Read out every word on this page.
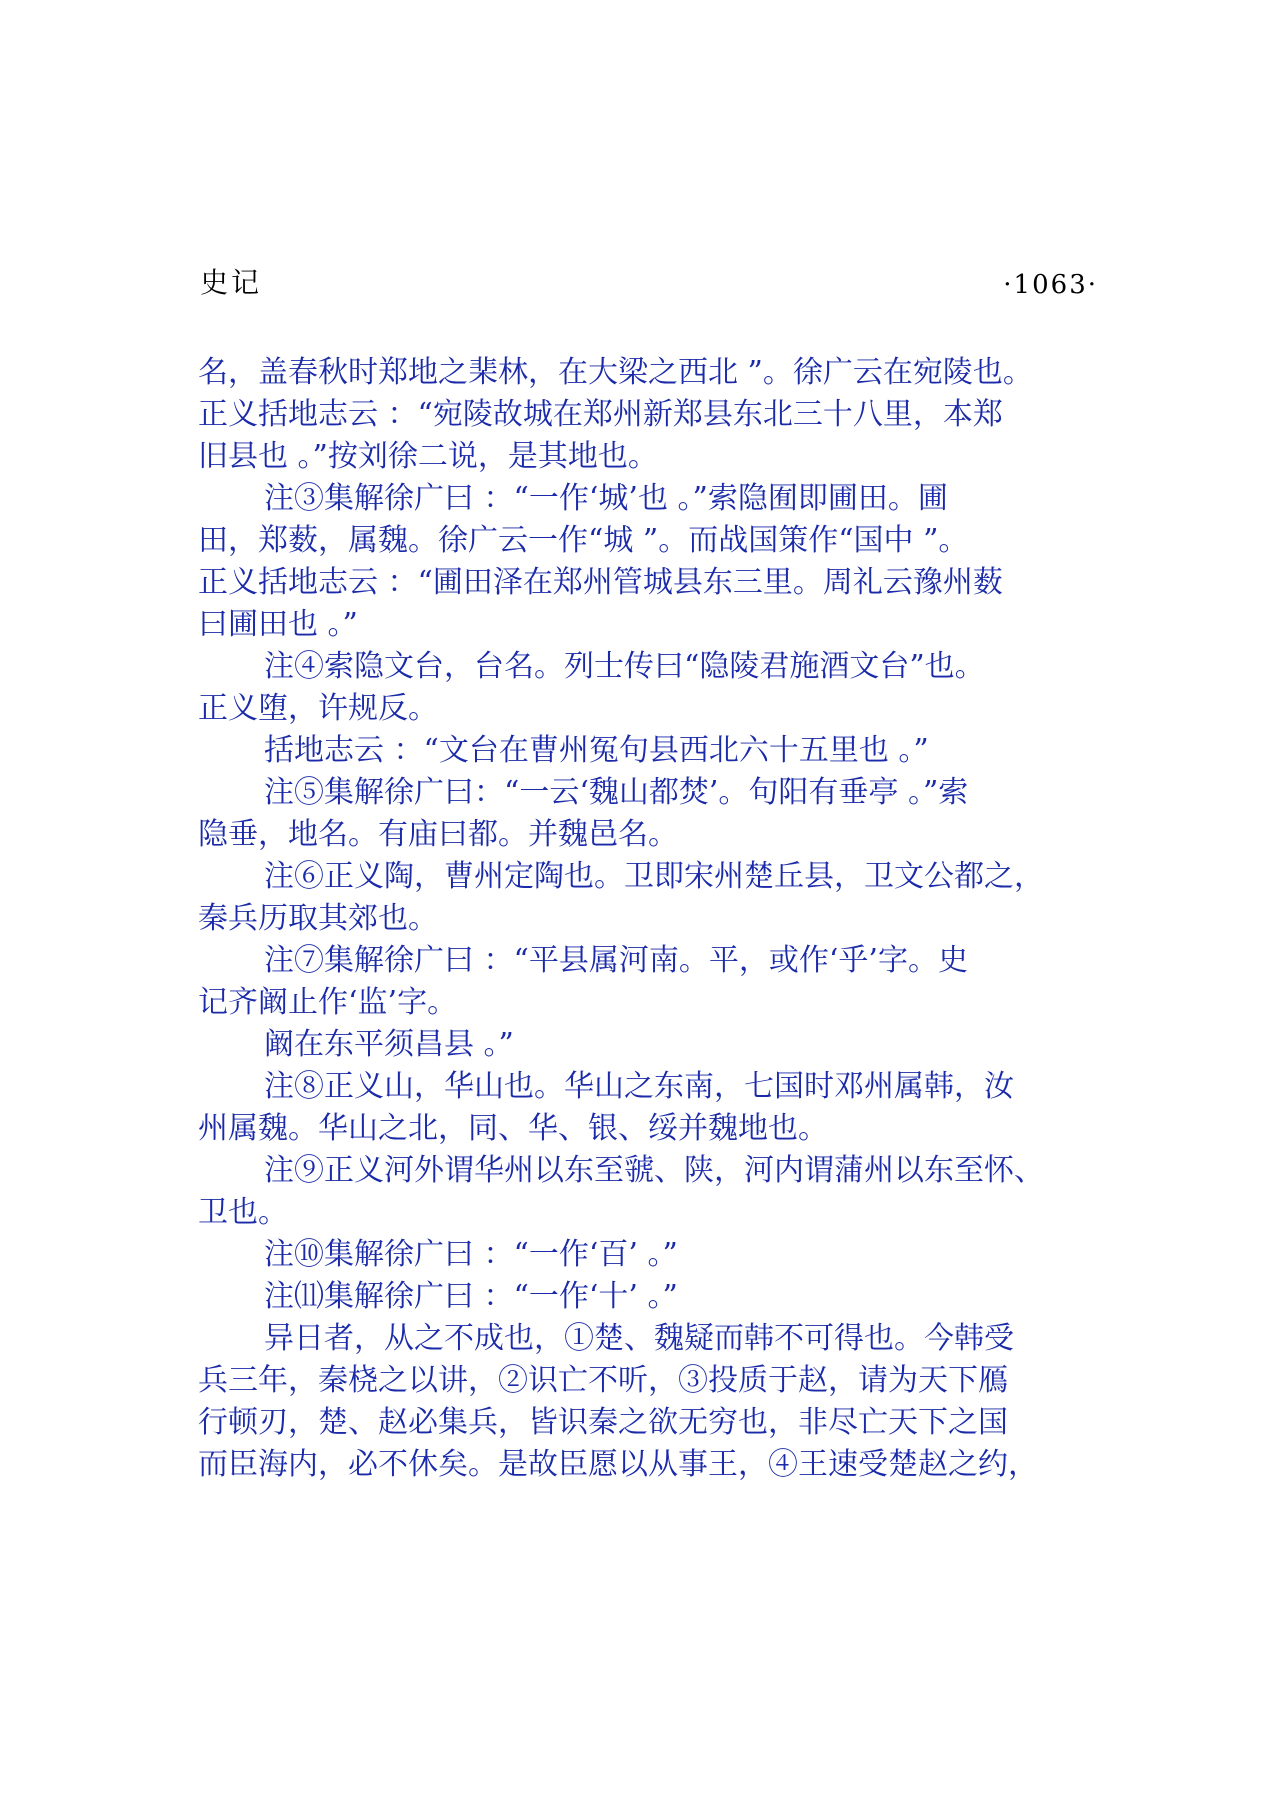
史记	·1063·
名，盖春秋时郑地之棐林，在大梁之西北 ”。徐广云在宛陵也。
正义括地志云 ：“宛陵故城在郑州新郑县东北三十八里，本郑
旧县也 。”按刘徐二说，是其地也。
注③集解徐广曰 ：“一作‘城’也 。”索隐囿即圃田。圃
田，郑薮，属魏。徐广云一作“城 ”。而战国策作“国中 ”。
正义括地志云 ：“圃田泽在郑州管城县东三里。周礼云豫州薮
曰圃田也 。”
注④索隐文台，台名。列士传曰“隐陵君施酒文台”也。
正义堕，许规反。
括地志云 ：“文台在曹州冤句县西北六十五里也 。”
注⑤集解徐广曰：“一云‘魏山都焚’。句阳有垂亭 。”索
隐垂，地名。有庙曰都。并魏邑名。
注⑥正义陶，曹州定陶也。卫即宋州楚丘县，卫文公都之，
秦兵历取其郊也。
注⑦集解徐广曰 ：“平县属河南。平，或作‘乎’字。史
记齐阚止作‘监’字。
阚在东平须昌县 。”
注⑧正义山，华山也。华山之东南，七国时邓州属韩，汝
州属魏。华山之北，同、华、银、绥并魏地也。
注⑨正义河外谓华州以东至虢、陕，河内谓蒲州以东至怀、
卫也。
注⑩集解徐广曰 ：“一作‘百’ 。”
注⑾集解徐广曰 ：“一作‘十’ 。”
异日者，从之不成也，①楚、魏疑而韩不可得也。今韩受
兵三年，秦桡之以讲，②识亡不听，③投质于赵，请为天下鴈
行顿刃，楚、赵必集兵，皆识秦之欲无穷也，非尽亡天下之国
而臣海内，必不休矣。是故臣愿以从事王，④王速受楚赵之约，
